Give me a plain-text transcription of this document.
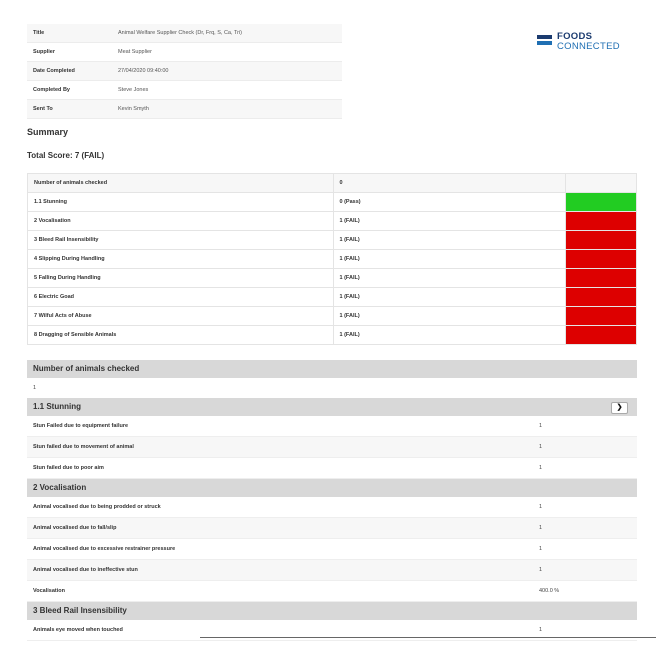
Title	Animal Welfare Supplier Check (Dr, Frq, S, Ca, Tri)
Supplier	Meat Supplier
Date Completed	27/04/2020 09:40:00
Completed By	Steve Jones
Sent To	Kevin Smyth
FOODS
CONNECTED
Summary
Total Score: 7 (FAIL)
Number of animals checked	0	
1.1 Stunning	0 (Pass)	
2 Vocalisation	1 (FAIL)	
3 Bleed Rail Insensibility	1 (FAIL)	
4 Slipping During Handling	1 (FAIL)	
5 Falling During Handling	1 (FAIL)	
6 Electric Goad	1 (FAIL)	
7 Wilful Acts of Abuse	1 (FAIL)	
8 Dragging of Sensible Animals	1 (FAIL)	
Number of animals checked
1
1.1 Stunning	❯
Stun Failed due to equipment failure	1
Stun failed due to movement of animal	1
Stun failed due to poor aim	1
2 Vocalisation
Animal vocalised due to being prodded or struck	1
Animal vocalised due to fall/slip	1
Animal vocalised due to excessive restrainer pressure	1
Animal vocalised due to ineffective stun	1
Vocalisation	400.0 %
3 Bleed Rail Insensibility
Animals eye moved when touched	1
